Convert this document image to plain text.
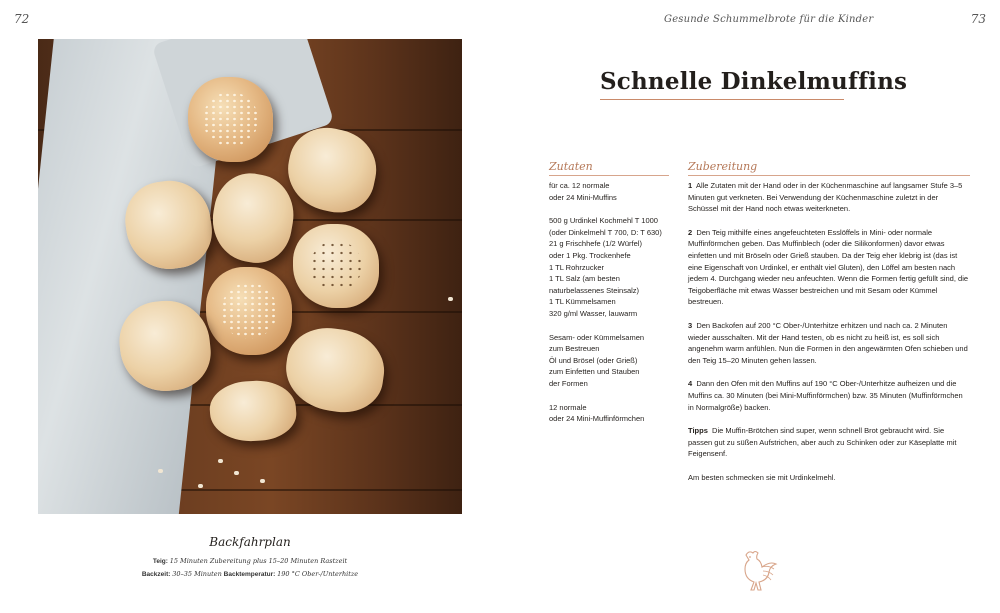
72	73
Gesunde Schummelbrote für die Kinder
Backfahrplan
Teig: 15 Minuten Zubereitung plus 15–20 Minuten Rastzeit
Backzeit: 30–35 Minuten Backtemperatur: 190 °C Ober-/Unterhitze
Schnelle Dinkelmuffins
Zutaten	Zubereitung

für ca. 12 normale

oder 24 Mini-Muffins

500 g Urdinkel Kochmehl T 1000

(oder Dinkelmehl T 700, D: T 630)

21 g Frischhefe (1/2 Würfel)

oder 1 Pkg. Trockenhefe

1 TL Rohrzucker

1 TL Salz (am besten

naturbelassenes Steinsalz)

1 TL Kümmelsamen

320 g/ml Wasser, lauwarm

Sesam- oder Kümmelsamen

zum Bestreuen

Öl und Brösel (oder Grieß)

zum Einfetten und Stauben

der Formen

12 normale

oder 24 Mini-Muffinförmchen

1 Alle Zutaten mit der Hand oder in der Küchenmaschine auf langsamer Stufe 3–5 Minuten gut verkneten. Bei Verwendung der Küchenmaschine zuletzt in der Schüssel mit der Hand noch etwas weiterkneten.

2 Den Teig mithilfe eines angefeuchteten Esslöffels in Mini- oder normale Muffinförmchen geben. Das Muffinblech (oder die Silikonformen) davor etwas einfetten und mit Bröseln oder Grieß stauben. Da der Teig eher klebrig ist (das ist eine Eigenschaft von Urdinkel, er enthält viel Gluten), den Löffel am besten nach jedem 4. Durchgang wieder neu anfeuchten. Wenn die Formen fertig gefüllt sind, die Teigoberfläche mit etwas Wasser bestreichen und mit Sesam oder Kümmel bestreuen.

3 Den Backofen auf 200 °C Ober-/Unterhitze erhitzen und nach ca. 2 Minuten wieder ausschalten. Mit der Hand testen, ob es nicht zu heiß ist, es soll sich angenehm warm anfühlen. Nun die Formen in den angewärmten Ofen schieben und den Teig 15–20 Minuten gehen lassen.

4 Dann den Ofen mit den Muffins auf 190 °C Ober-/Unterhitze aufheizen und die Muffins ca. 30 Minuten (bei Mini-Muffinförmchen) bzw. 35 Minuten (Muffinförmchen in Normalgröße) backen.

Tipps Die Muffin-Brötchen sind super, wenn schnell Brot gebraucht wird. Sie passen gut zu süßen Aufstrichen, aber auch zu Schinken oder zur Käseplatte mit Feigensenf.

Am besten schmecken sie mit Urdinkelmehl.
